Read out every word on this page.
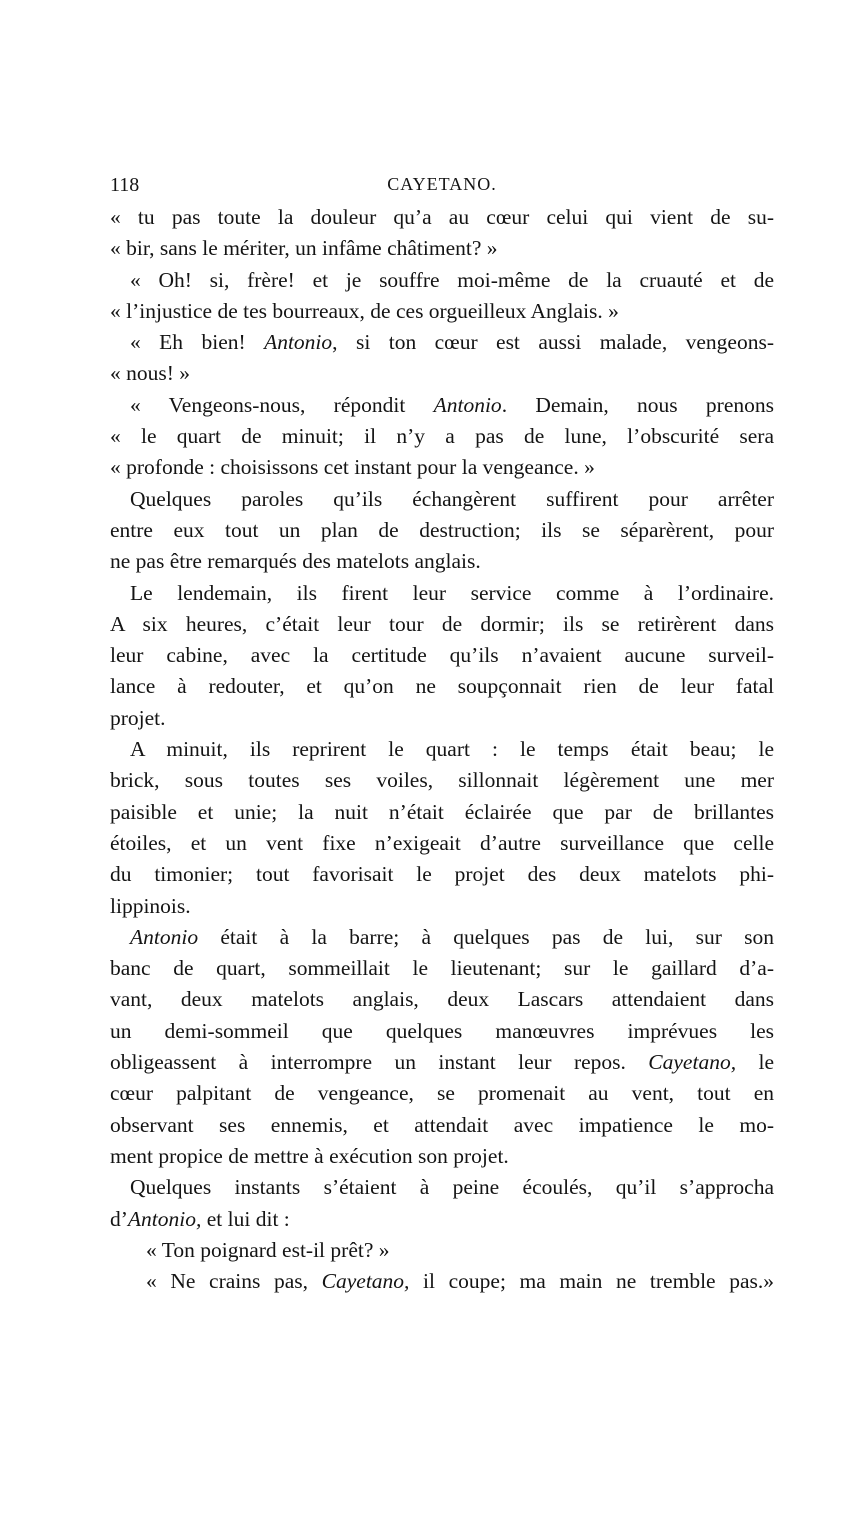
118	CAYETANO.
« tu pas toute la douleur qu’a au cœur celui qui vient de su-
« bir, sans le mériter, un infâme châtiment? »
« Oh! si, frère! et je souffre moi-même de la cruauté et de
« l’injustice de tes bourreaux, de ces orgueilleux Anglais. »
« Eh bien! Antonio, si ton cœur est aussi malade, vengeons-
« nous! »
« Vengeons-nous, répondit Antonio. Demain, nous prenons
« le quart de minuit; il n’y a pas de lune, l’obscurité sera
« profonde : choisissons cet instant pour la vengeance. »
Quelques paroles qu’ils échangèrent suffirent pour arrêter
entre eux tout un plan de destruction; ils se séparèrent, pour
ne pas être remarqués des matelots anglais.
Le lendemain, ils firent leur service comme à l’ordinaire.
A six heures, c’était leur tour de dormir; ils se retirèrent dans
leur cabine, avec la certitude qu’ils n’avaient aucune surveil-
lance à redouter, et qu’on ne soupçonnait rien de leur fatal
projet.
A minuit, ils reprirent le quart : le temps était beau; le
brick, sous toutes ses voiles, sillonnait légèrement une mer
paisible et unie; la nuit n’était éclairée que par de brillantes
étoiles, et un vent fixe n’exigeait d’autre surveillance que celle
du timonier; tout favorisait le projet des deux matelots phi-
lippinois.
Antonio était à la barre; à quelques pas de lui, sur son
banc de quart, sommeillait le lieutenant; sur le gaillard d’a-
vant, deux matelots anglais, deux Lascars attendaient dans
un demi-sommeil que quelques manœuvres imprévues les
obligeassent à interrompre un instant leur repos. Cayetano, le
cœur palpitant de vengeance, se promenait au vent, tout en
observant ses ennemis, et attendait avec impatience le mo-
ment propice de mettre à exécution son projet.
Quelques instants s’étaient à peine écoulés, qu’il s’approcha
d’Antonio, et lui dit :
« Ton poignard est-il prêt? »
« Ne crains pas, Cayetano, il coupe; ma main ne tremble pas.»
